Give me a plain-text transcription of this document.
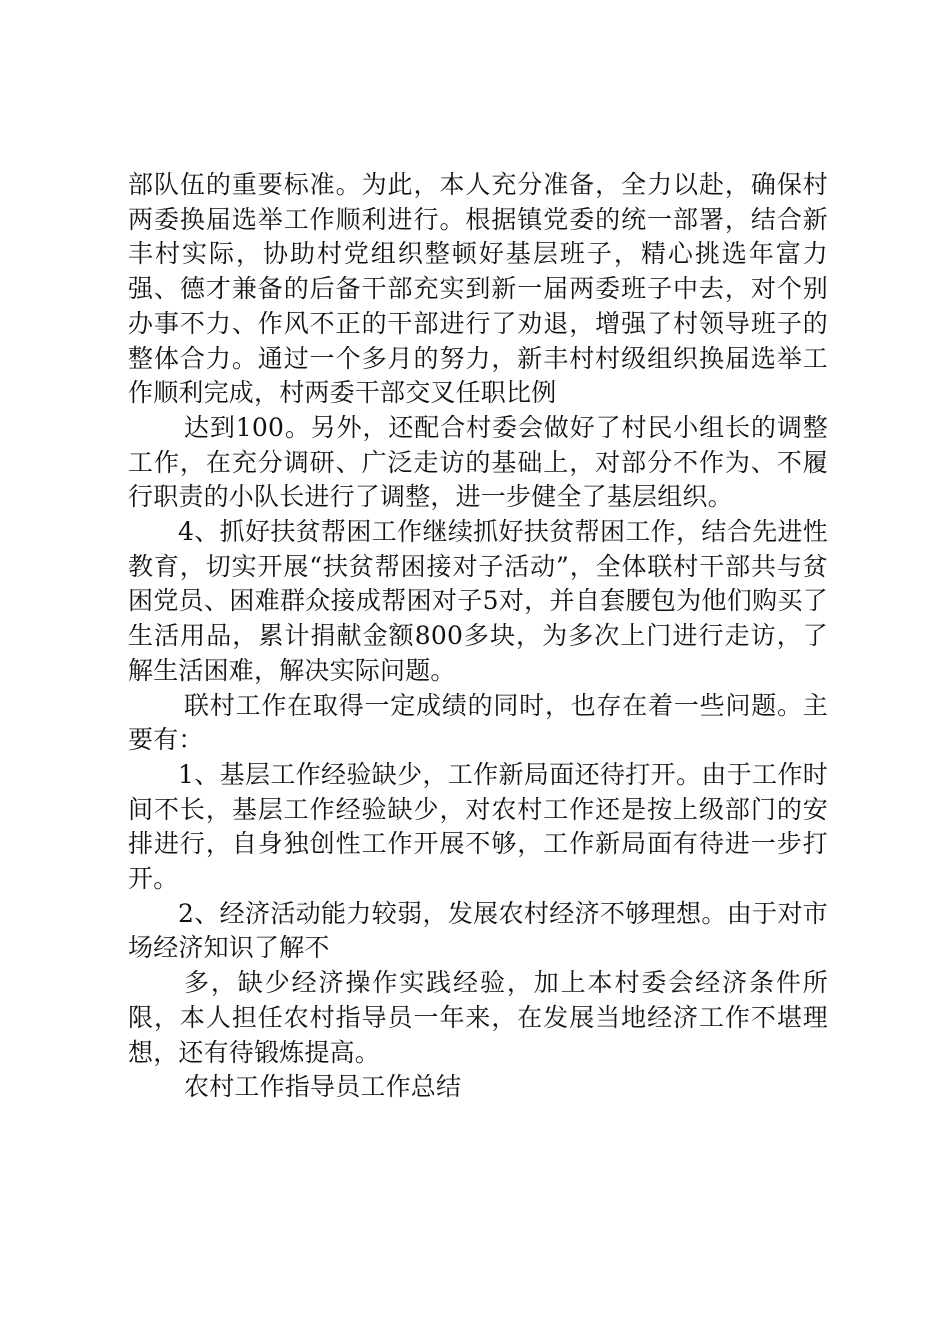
部队伍的重要标准。为此，本人充分准备，全力以赴，确保村两委换届选举工作顺利进行。根据镇党委的统一部署，结合新丰村实际，协助村党组织整顿好基层班子，精心挑选年富力强、德才兼备的后备干部充实到新一届两委班子中去，对个别办事不力、作风不正的干部进行了劝退，增强了村领导班子的整体合力。通过一个多月的努力，新丰村村级组织换届选举工作顺利完成，村两委干部交叉任职比例

达到100。另外，还配合村委会做好了村民小组长的调整工作，在充分调研、广泛走访的基础上，对部分不作为、不履行职责的小队长进行了调整，进一步健全了基层组织。

4、抓好扶贫帮困工作继续抓好扶贫帮困工作，结合先进性教育，切实开展“扶贫帮困接对子活动”，全体联村干部共与贫困党员、困难群众接成帮困对子5对，并自套腰包为他们购买了生活用品，累计捐献金额800多块，为多次上门进行走访，了解生活困难，解决实际问题。

联村工作在取得一定成绩的同时，也存在着一些问题。主要有：

1、基层工作经验缺少，工作新局面还待打开。由于工作时间不长，基层工作经验缺少，对农村工作还是按上级部门的安排进行，自身独创性工作开展不够，工作新局面有待进一步打开。

2、经济活动能力较弱，发展农村经济不够理想。由于对市场经济知识了解不

多，缺少经济操作实践经验，加上本村委会经济条件所限，本人担任农村指导员一年来，在发展当地经济工作不堪理想，还有待锻炼提高。

农村工作指导员工作总结
